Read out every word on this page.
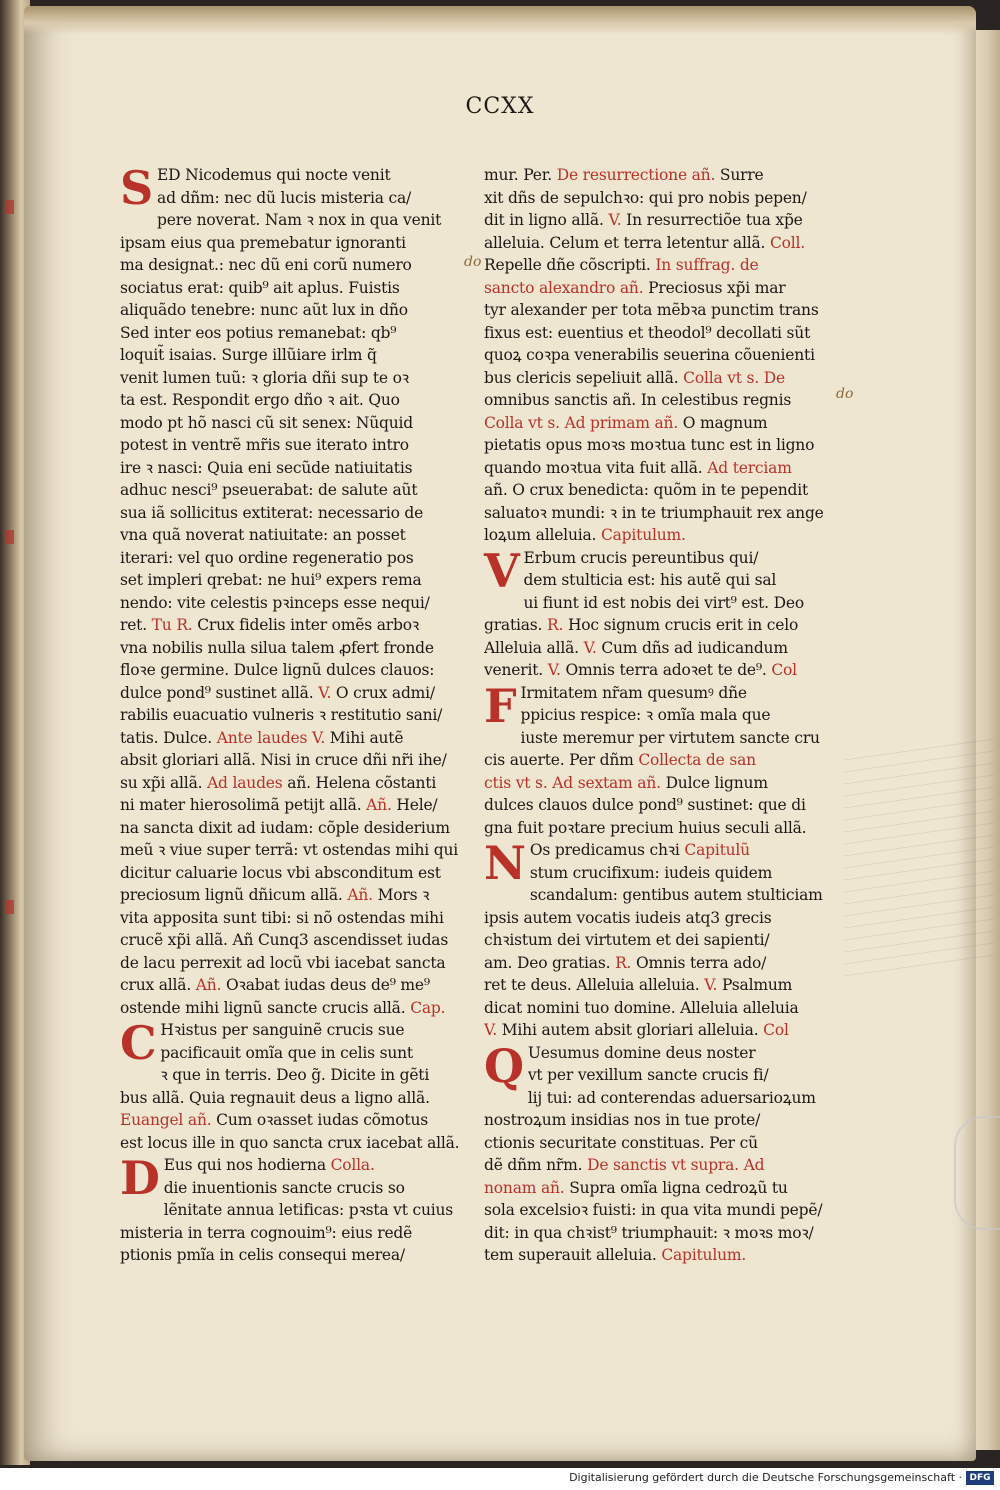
CCXX
SED Nicodemus qui nocte venit
ad dñm: nec dũ lucis misteria ca/
pere noverat. Nam ꝛ nox in qua venit
ipsam eius qua premebatur ignoranti
ma designat.: nec dũ eni corũ numero
sociatus erat: quib⁹ ait aplus. Fuistis
aliquãdo tenebre: nunc aũt lux in dño
Sed inter eos potius remanebat: qb⁹
loquit̃ isaias. Surge illũiare irlm q̃
venit lumen tuũ: ꝛ gloria dñi sup te oꝛ
ta est. Respondit ergo dño ꝛ ait. Quo
modo pt hõ nasci cũ sit senex: Nũquid
potest in ventrẽ mr̃is sue iterato intro
ire ꝛ nasci: Quia eni secũde natiuitatis
adhuc nesci⁹ pseuerabat: de salute aũt
sua iã sollicitus extiterat: necessario de
vna quã noverat natiuitate: an posset
iterari: vel quo ordine regeneratio pos
set impleri qrebat: ne hui⁹ expers rema
nendo: vite celestis pꝛinceps esse nequi/
ret. Tu R. Crux fidelis inter omẽs arboꝛ
vna nobilis nulla silua talem ꝓfert fronde
floꝛe germine. Dulce lignũ dulces clauos:
dulce pond⁹ sustinet allã. V. O crux admi/
rabilis euacuatio vulneris ꝛ restitutio sani/
tatis. Dulce. Ante laudes V. Mihi autẽ
absit gloriari allã. Nisi in cruce dñi nr̃i ihe/
su xp̃i allã. Ad laudes añ. Helena cõstanti
ni mater hierosolimã petijt allã. Añ. Hele/
na sancta dixit ad iudam: cõple desiderium
meũ ꝛ viue super terrã: vt ostendas mihi qui
dicitur caluarie locus vbi absconditum est
preciosum lignũ dñicum allã. Añ. Mors ꝛ
vita apposita sunt tibi: si nõ ostendas mihi
crucẽ xp̃i allã. Añ Cunq3 ascendisset iudas
de lacu perrexit ad locũ vbi iacebat sancta
crux allã. Añ. Oꝛabat iudas deus de⁹ me⁹
ostende mihi lignũ sancte crucis allã. Cap.
C Hꝛistus per sanguinẽ crucis sue
pacificauit omĩa que in celis sunt
ꝛ que in terris. Deo g̃. Dicite in gẽti
bus allã. Quia regnauit deus a ligno allã.
Euangel añ. Cum oꝛasset iudas cõmotus
est locus ille in quo sancta crux iacebat allã.
D Eus qui nos hodierna Colla.
die inuentionis sancte crucis so
lẽnitate annua letificas: pꝛsta vt cuius
misteria in terra cognouim⁹: eius redẽ
ptionis pmĩa in celis consequi merea/
mur. Per. De resurrectione añ. Surre
xit dñs de sepulchꝛo: qui pro nobis pepen/
dit in ligno allã. V. In resurrectiõe tua xp̃e
alleluia. Celum et terra letentur allã. Coll.
Repelle dñe cõscripti. In suffrag. de
sancto alexandro añ. Preciosus xp̃i mar
tyr alexander per tota mẽbꝛa punctim trans
fixus est: euentius et theodol⁹ decollati sũt
quoꝝ coꝛpa venerabilis seuerina cõuenienti
bus clericis sepeliuit allã. Colla vt s. De
omnibus sanctis añ. In celestibus regnis
Colla vt s. Ad primam añ. O magnum
pietatis opus moꝛs moꝛtua tunc est in ligno
quando moꝛtua vita fuit allã. Ad terciam
añ. O crux benedicta: quõm in te pependit
saluatoꝛ mundi: ꝛ in te triumphauit rex ange
loꝝum alleluia. Capitulum.
V Erbum crucis pereuntibus qui/
dem stulticia est: his autẽ qui sal
ui fiunt id est nobis dei virt⁹ est. Deo
gratias. R. Hoc signum crucis erit in celo
Alleluia allã. V. Cum dñs ad iudicandum
venerit. V. Omnis terra adoꝛet te de⁹. Col
F Irmitatem nr̃am quesumꝰ dñe
ppicius respice: ꝛ omĩa mala que
iuste meremur per virtutem sancte cru
cis auerte. Per dñm Collecta de san
ctis vt s. Ad sextam añ. Dulce lignum
dulces clauos dulce pond⁹ sustinet: que di
gna fuit poꝛtare precium huius seculi allã.
N Os predicamus chꝛi Capitulũ
stum crucifixum: iudeis quidem
scandalum: gentibus autem stulticiam
ipsis autem vocatis iudeis atq3 grecis
chꝛistum dei virtutem et dei sapienti/
am. Deo gratias. R. Omnis terra ado/
ret te deus. Alleluia alleluia. V. Psalmum
dicat nomini tuo domine. Alleluia alleluia
V. Mihi autem absit gloriari alleluia. Col
Q Uesumus domine deus noster
vt per vexillum sancte crucis fi/
lij tui: ad conterendas aduersarioꝝum
nostroꝝum insidias nos in tue prote/
ctionis securitate constituas. Per cũ
dẽ dñm nr̃m. De sanctis vt supra. Ad
nonam añ. Supra omĩa ligna cedroꝝũ tu
sola excelsioꝛ fuisti: in qua vita mundi pepẽ/
dit: in qua chꝛist⁹ triumphauit: ꝛ moꝛs moꝛ/
tem superauit alleluia. Capitulum.
do
do
Digitalisierung gefördert durch die Deutsche Forschungsgemeinschaft · DFG
